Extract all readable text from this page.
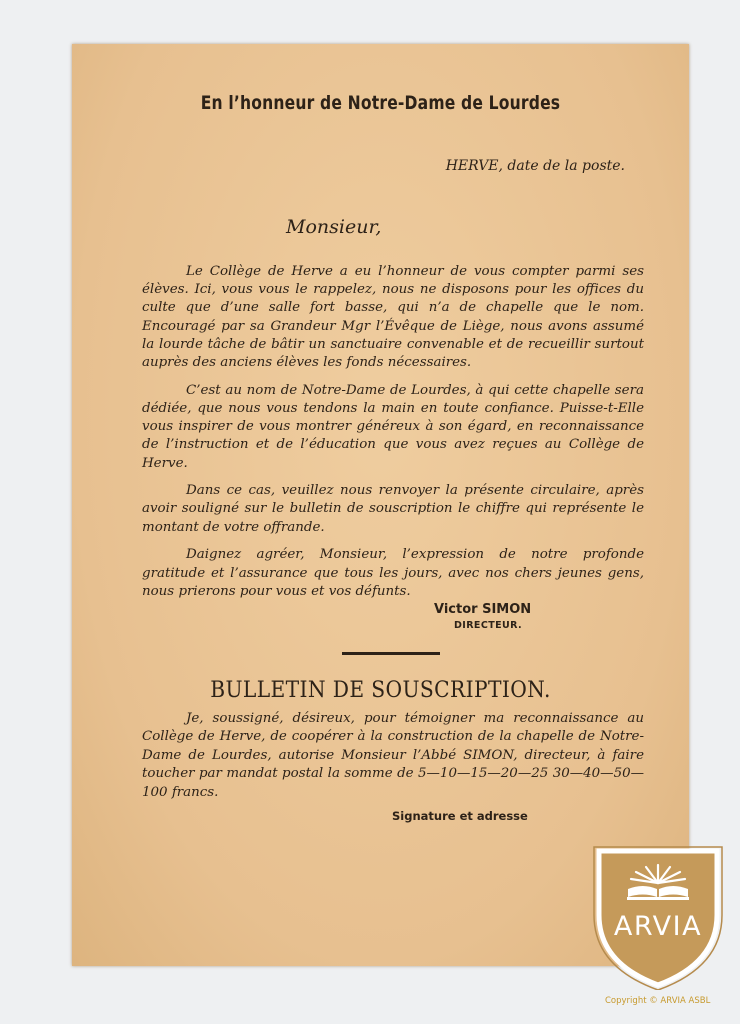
En l’honneur de Notre-Dame de Lourdes
HERVE, date de la poste.
Monsieur,

Le Collège de Herve a eu l’honneur de vous compter parmi ses élèves. Ici, vous vous le rappelez, nous ne disposons pour les offices du culte que d’une salle fort basse, qui n’a de chapelle que le nom. Encouragé par sa Grandeur Mgr l’Évêque de Liège, nous avons assumé la lourde tâche de bâtir un sanctuaire convenable et de recueillir surtout auprès des anciens élèves les fonds nécessaires.

C’est au nom de Notre-Dame de Lourdes, à qui cette chapelle sera dédiée, que nous vous tendons la main en toute confiance. Puisse-t-Elle vous inspirer de vous montrer généreux à son égard, en reconnaissance de l’instruction et de l’éducation que vous avez reçues au Collège de Herve.

Dans ce cas, veuillez nous renvoyer la présente circulaire, après avoir souligné sur le bulletin de souscription le chiffre qui représente le montant de votre offrande.

Daignez agréer, Monsieur, l’expression de notre profonde gratitude et l’assurance que tous les jours, avec nos chers jeunes gens, nous prierons pour vous et vos défunts.

Victor SIMON
DIRECTEUR.
BULLETIN DE SOUSCRIPTION.

Je, soussigné, désireux, pour témoigner ma reconnaissance au Collège de Herve, de coopérer à la construction de la chapelle de Notre-Dame de Lourdes, autorise Monsieur l’Abbé SIMON, directeur, à faire toucher par mandat postal la somme de 5—10—15—20—25 30—40—50—100 francs.

Signature et adresse
ARVIA
Copyright © ARVIA ASBL
